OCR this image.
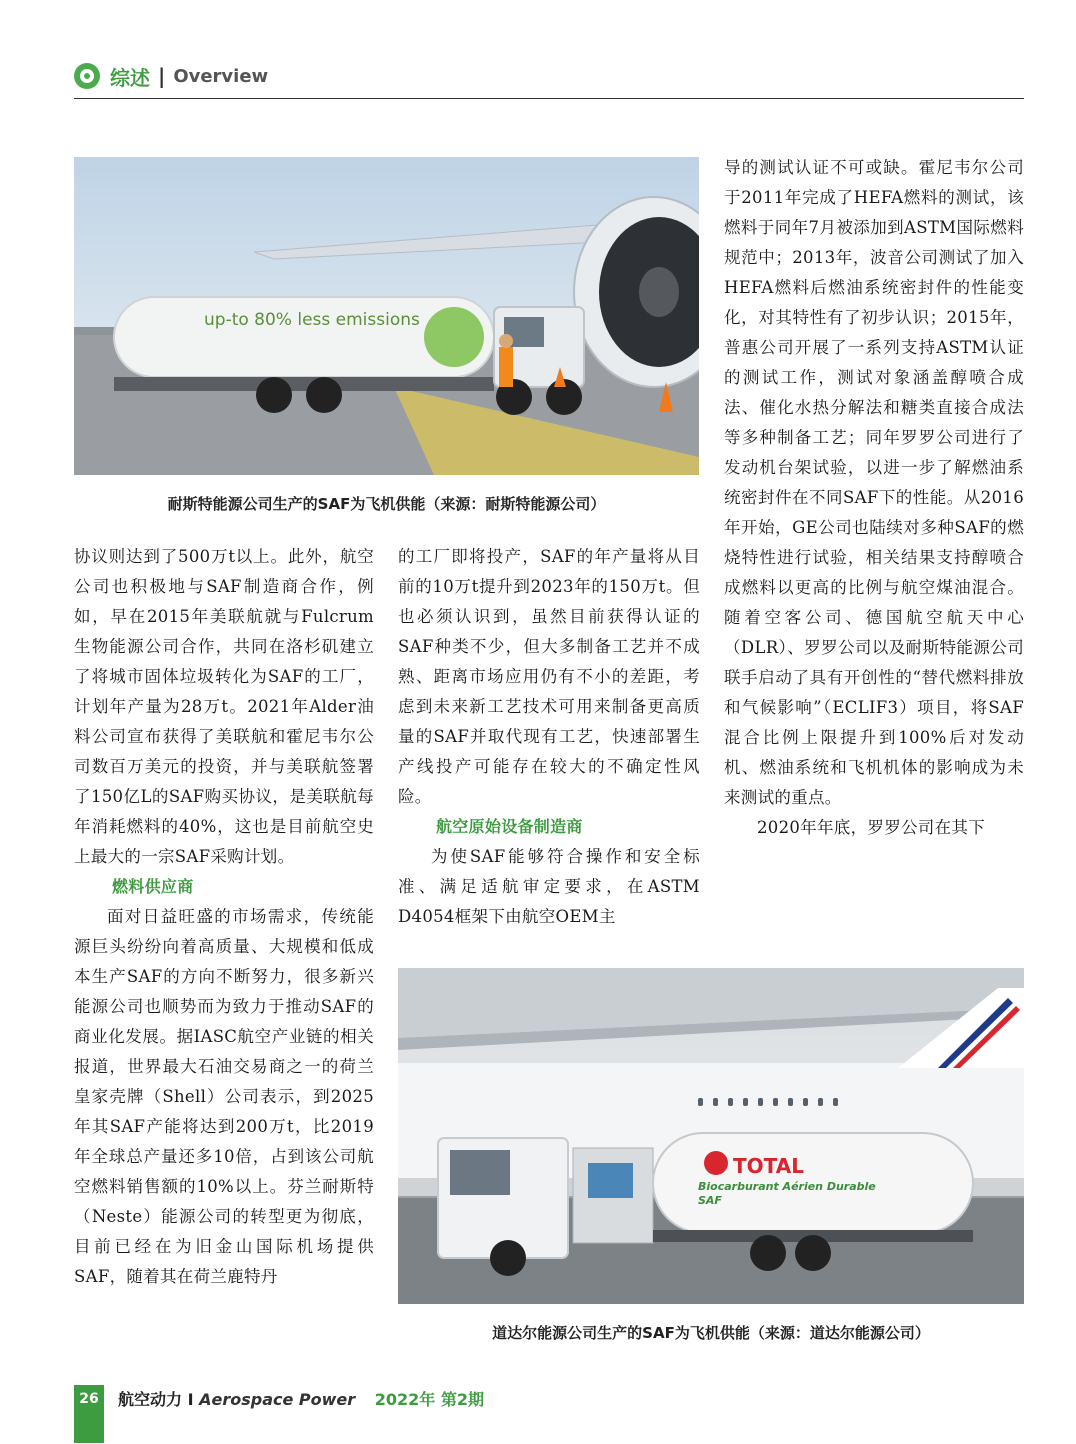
综述 | Overview
up-to 80% less emissions
耐斯特能源公司生产的SAF为飞机供能（来源：耐斯特能源公司）

协议则达到了500万t以上。此外，航空公司也积极地与SAF制造商合作，例如，早在2015年美联航就与Fulcrum生物能源公司合作，共同在洛杉矶建立了将城市固体垃圾转化为SAF的工厂，计划年产量为28万t。2021年Alder油料公司宣布获得了美联航和霍尼韦尔公司数百万美元的投资，并与美联航签署了150亿L的SAF购买协议，是美联航每年消耗燃料的40%，这也是目前航空史上最大的一宗SAF采购计划。

燃料供应商

面对日益旺盛的市场需求，传统能源巨头纷纷向着高质量、大规模和低成本生产SAF的方向不断努力，很多新兴能源公司也顺势而为致力于推动SAF的商业化发展。据IASC航空产业链的相关报道，世界最大石油交易商之一的荷兰皇家壳牌（Shell）公司表示，到2025年其SAF产能将达到200万t，比2019年全球总产量还多10倍，占到该公司航空燃料销售额的10%以上。芬兰耐斯特（Neste）能源公司的转型更为彻底，目前已经在为旧金山国际机场提供SAF，随着其在荷兰鹿特丹

的工厂即将投产，SAF的年产量将从目前的10万t提升到2023年的150万t。但也必须认识到，虽然目前获得认证的SAF种类不少，但大多制备工艺并不成熟、距离市场应用仍有不小的差距，考虑到未来新工艺技术可用来制备更高质量的SAF并取代现有工艺，快速部署生产线投产可能存在较大的不确定性风险。

航空原始设备制造商

为使SAF能够符合操作和安全标准、满足适航审定要求，在ASTM D4054框架下由航空OEM主

导的测试认证不可或缺。霍尼韦尔公司于2011年完成了HEFA燃料的测试，该燃料于同年7月被添加到ASTM国际燃料规范中；2013年，波音公司测试了加入HEFA燃料后燃油系统密封件的性能变化，对其特性有了初步认识；2015年，普惠公司开展了一系列支持ASTM认证的测试工作，测试对象涵盖醇喷合成法、催化水热分解法和糖类直接合成法等多种制备工艺；同年罗罗公司进行了发动机台架试验，以进一步了解燃油系统密封件在不同SAF下的性能。从2016年开始，GE公司也陆续对多种SAF的燃烧特性进行试验，相关结果支持醇喷合成燃料以更高的比例与航空煤油混合。随着空客公司、德国航空航天中心（DLR）、罗罗公司以及耐斯特能源公司联手启动了具有开创性的“替代燃料排放和气候影响”（ECLIF3）项目，将SAF混合比例上限提升到100%后对发动机、燃油系统和飞机机体的影响成为未来测试的重点。

2020年年底，罗罗公司在其下

TOTAL
Biocarburant Aérien Durable
SAF
道达尔能源公司生产的SAF为飞机供能（来源：道达尔能源公司）
26	航空动力 I Aerospace Power 2022年 第2期
